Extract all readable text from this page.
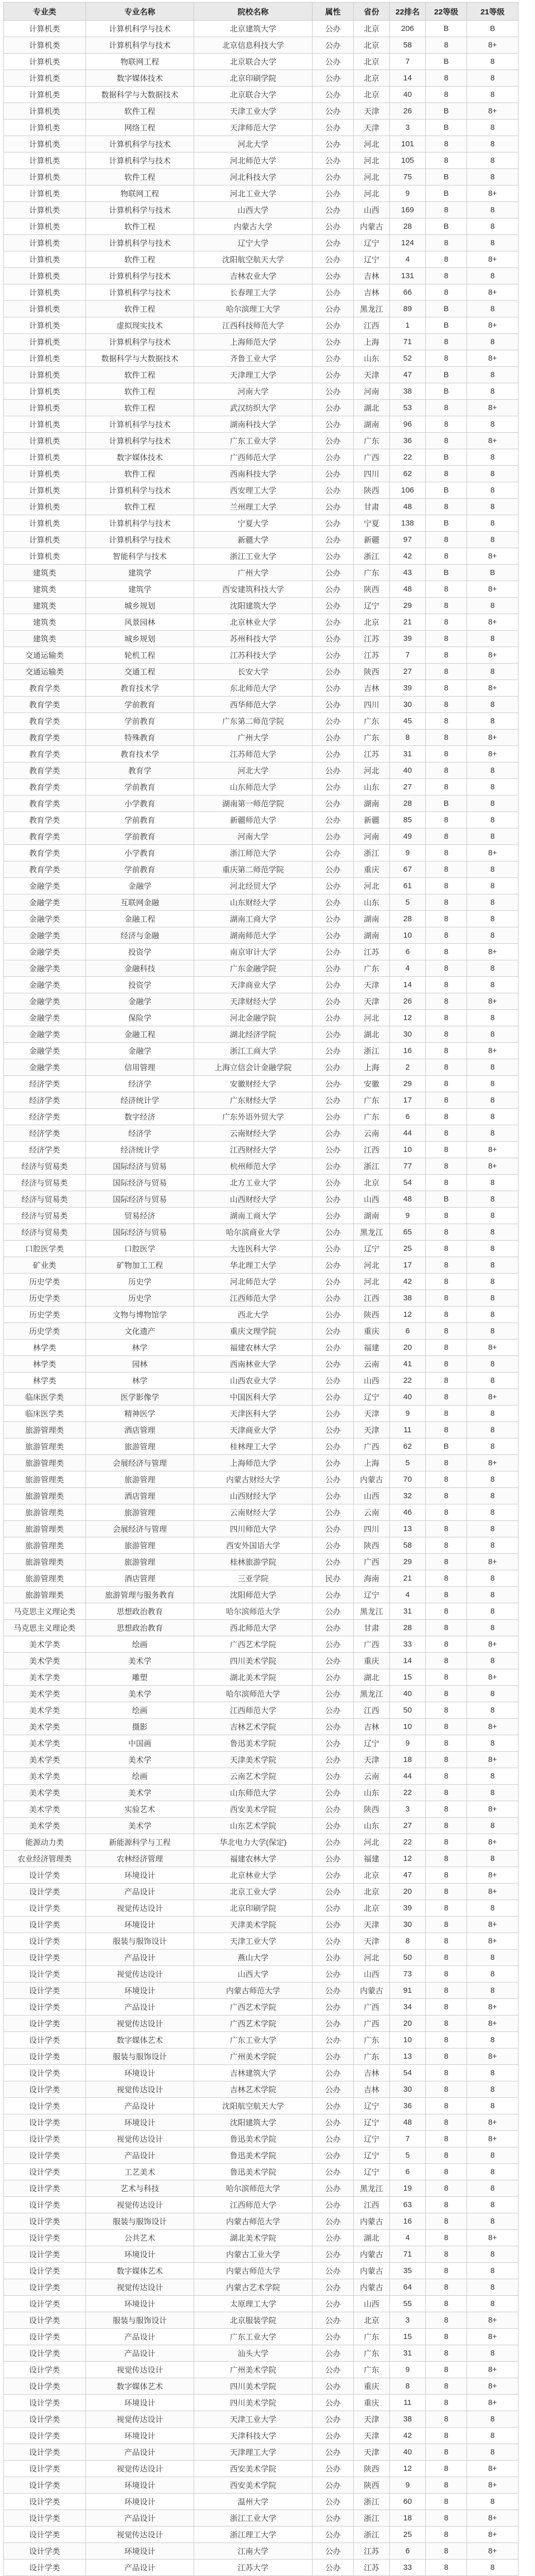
专业类	专业名称	院校名称	属性	省份	22排名	22等级	21等级
计算机类	计算机科学与技术	北京建筑大学	公办	北京	206	B	B
计算机类	计算机科学与技术	北京信息科技大学	公办	北京	58	8	8+
计算机类	物联网工程	北京联合大学	公办	北京	7	B	8
计算机类	数字媒体技术	北京印刷学院	公办	北京	14	8	8
计算机类	数据科学与大数据技术	北京联合大学	公办	北京	40	8	8
计算机类	软件工程	天津工业大学	公办	天津	26	B	8+
计算机类	网络工程	天津师范大学	公办	天津	3	B	8
计算机类	计算机科学与技术	河北大学	公办	河北	101	8	8
计算机类	计算机科学与技术	河北师范大学	公办	河北	105	8	8
计算机类	软件工程	河北科技大学	公办	河北	75	B	8
计算机类	物联网工程	河北工业大学	公办	河北	9	B	8+
计算机类	计算机科学与技术	山西大学	公办	山西	169	8	8
计算机类	软件工程	内蒙古大学	公办	内蒙古	28	B	8
计算机类	计算机科学与技术	辽宁大学	公办	辽宁	124	8	8
计算机类	软件工程	沈阳航空航天大学	公办	辽宁	4	8	8+
计算机类	计算机科学与技术	吉林农业大学	公办	吉林	131	8	8
计算机类	计算机科学与技术	长春理工大学	公办	吉林	66	8	8+
计算机类	软件工程	哈尔滨理工大学	公办	黑龙江	89	B	8
计算机类	虚拟现实技术	江西科技师范大学	公办	江西	1	B	8+
计算机类	计算机科学与技术	上海师范大学	公办	上海	71	8	8
计算机类	数据科学与大数据技术	齐鲁工业大学	公办	山东	52	8	8+
计算机类	软件工程	天津理工大学	公办	天津	47	B	8
计算机类	软件工程	河南大学	公办	河南	38	B	8
计算机类	软件工程	武汉纺织大学	公办	湖北	53	8	8+
计算机类	计算机科学与技术	湖南科技大学	公办	湖南	96	8	8
计算机类	计算机科学与技术	广东工业大学	公办	广东	36	8	8+
计算机类	数字媒体技术	广西师范大学	公办	广西	22	B	8
计算机类	软件工程	西南科技大学	公办	四川	62	8	8
计算机类	计算机科学与技术	西安理工大学	公办	陕西	106	B	8
计算机类	软件工程	兰州理工大学	公办	甘肃	48	8	8
计算机类	计算机科学与技术	宁夏大学	公办	宁夏	138	B	8
计算机类	计算机科学与技术	新疆大学	公办	新疆	97	8	8
计算机类	智能科学与技术	浙江工业大学	公办	浙江	42	8	8+
建筑类	建筑学	广州大学	公办	广东	43	B	B
建筑类	建筑学	西安建筑科技大学	公办	陕西	48	8	8+
建筑类	城乡规划	沈阳建筑大学	公办	辽宁	29	8	8
建筑类	风景园林	北京林业大学	公办	北京	21	8	8+
建筑类	城乡规划	苏州科技大学	公办	江苏	39	8	8
交通运输类	轮机工程	江苏科技大学	公办	江苏	7	8	8+
交通运输类	交通工程	长安大学	公办	陕西	27	8	8
教育学类	教育技术学	东北师范大学	公办	吉林	39	8	8+
教育学类	学前教育	西华师范大学	公办	四川	30	8	8
教育学类	学前教育	广东第二师范学院	公办	广东	45	8	8
教育学类	特殊教育	广州大学	公办	广东	8	8	8+
教育学类	教育技术学	江苏师范大学	公办	江苏	31	8	8+
教育学类	教育学	河北大学	公办	河北	40	8	8
教育学类	学前教育	山东师范大学	公办	山东	27	8	8
教育学类	小学教育	湖南第一师范学院	公办	湖南	28	B	8
教育学类	学前教育	新疆师范大学	公办	新疆	85	8	8
教育学类	学前教育	河南大学	公办	河南	49	8	8
教育学类	小学教育	浙江师范大学	公办	浙江	9	8	8+
教育学类	学前教育	重庆第二师范学院	公办	重庆	67	8	8
金融学类	金融学	河北经贸大学	公办	河北	61	8	8
金融学类	互联网金融	山东财经大学	公办	山东	5	8	8
金融学类	金融工程	湖南工商大学	公办	湖南	28	8	8
金融学类	经济与金融	湖南师范大学	公办	湖南	10	8	8
金融学类	投资学	南京审计大学	公办	江苏	6	8	8+
金融学类	金融科技	广东金融学院	公办	广东	4	8	8
金融学类	投资学	天津商业大学	公办	天津	14	8	8
金融学类	金融学	天津财经大学	公办	天津	26	8	8+
金融学类	保险学	河北金融学院	公办	河北	12	8	8
金融学类	金融工程	湖北经济学院	公办	湖北	30	8	8
金融学类	金融学	浙江工商大学	公办	浙江	16	8	8+
金融学类	信用管理	上海立信会计金融学院	公办	上海	2	8	8
经济学类	经济学	安徽财经大学	公办	安徽	29	8	8
经济学类	经济统计学	广东财经大学	公办	广东	17	8	8
经济学类	数字经济	广东外语外贸大学	公办	广东	6	8	8
经济学类	经济学	云南财经大学	公办	云南	44	8	8
经济学类	经济统计学	江西财经大学	公办	江西	10	8	8+
经济与贸易类	国际经济与贸易	杭州师范大学	公办	浙江	77	8	8+
经济与贸易类	国际经济与贸易	北方工业大学	公办	北京	54	8	8
经济与贸易类	国际经济与贸易	山西财经大学	公办	山西	48	B	8
经济与贸易类	贸易经济	湖南工商大学	公办	湖南	9	8	8
经济与贸易类	国际经济与贸易	哈尔滨商业大学	公办	黑龙江	65	8	8
口腔医学类	口腔医学	大连医科大学	公办	辽宁	25	8	8
矿业类	矿物加工工程	华北理工大学	公办	河北	17	8	8
历史学类	历史学	河北师范大学	公办	河北	42	8	8
历史学类	历史学	江西师范大学	公办	江西	38	8	8
历史学类	文物与博物馆学	西北大学	公办	陕西	12	8	8
历史学类	文化遗产	重庆文理学院	公办	重庆	6	8	8
林学类	林学	福建农林大学	公办	福建	20	8	8+
林学类	园林	西南林业大学	公办	云南	41	8	8
林学类	林学	山西农业大学	公办	山西	22	8	8
临床医学类	医学影像学	中国医科大学	公办	辽宁	40	8	8+
临床医学类	精神医学	天津医科大学	公办	天津	9	8	8
旅游管理类	酒店管理	天津商业大学	公办	天津	11	8	8
旅游管理类	旅游管理	桂林理工大学	公办	广西	62	B	8
旅游管理类	会展经济与管理	上海师范大学	公办	上海	5	8	8+
旅游管理类	旅游管理	内蒙古财经大学	公办	内蒙古	70	8	8
旅游管理类	酒店管理	山西财经大学	公办	山西	32	8	8
旅游管理类	旅游管理	云南财经大学	公办	云南	46	8	8
旅游管理类	会展经济与管理	四川师范大学	公办	四川	13	8	8
旅游管理类	旅游管理	西安外国语大学	公办	陕西	58	8	8
旅游管理类	旅游管理	桂林旅游学院	公办	广西	29	8	8+
旅游管理类	酒店管理	三亚学院	民办	海南	21	8	8
旅游管理类	旅游管理与服务教育	沈阳师范大学	公办	辽宁	4	8	8
马克思主义理论类	思想政治教育	哈尔滨师范大学	公办	黑龙江	31	8	8
马克思主义理论类	思想政治教育	西北师范大学	公办	甘肃	28	8	8
美术学类	绘画	广西艺术学院	公办	广西	33	8	8+
美术学类	美术学	四川美术学院	公办	重庆	14	8	8
美术学类	雕塑	湖北美术学院	公办	湖北	15	8	8+
美术学类	美术学	哈尔滨师范大学	公办	黑龙江	40	8	8
美术学类	绘画	江西师范大学	公办	江西	50	8	8
美术学类	摄影	吉林艺术学院	公办	吉林	10	8	8+
美术学类	中国画	鲁迅美术学院	公办	辽宁	9	8	8
美术学类	美术学	天津美术学院	公办	天津	18	8	8+
美术学类	绘画	云南艺术学院	公办	云南	44	8	8
美术学类	美术学	山东师范大学	公办	山东	22	8	8
美术学类	实验艺术	西安美术学院	公办	陕西	3	8	8+
美术学类	美术学	山东艺术学院	公办	山东	27	8	8
能源动力类	新能源科学与工程	华北电力大学(保定)	公办	河北	22	8	8+
农业经济管理类	农林经济管理	福建农林大学	公办	福建	12	8	8
设计学类	环境设计	北京林业大学	公办	北京	47	8	8+
设计学类	产品设计	北京工业大学	公办	北京	20	8	8+
设计学类	视觉传达设计	北京印刷学院	公办	北京	39	8	8
设计学类	环境设计	天津美术学院	公办	天津	30	8	8+
设计学类	服装与服饰设计	天津工业大学	公办	天津	8	8	8+
设计学类	产品设计	燕山大学	公办	河北	50	8	8
设计学类	视觉传达设计	山西大学	公办	山西	73	8	8
设计学类	环境设计	内蒙古师范大学	公办	内蒙古	91	8	8
设计学类	产品设计	广西艺术学院	公办	广西	34	8	8+
设计学类	视觉传达设计	广西艺术学院	公办	广西	20	8	8+
设计学类	数字媒体艺术	广东工业大学	公办	广东	10	8	8
设计学类	服装与服饰设计	广州美术学院	公办	广东	13	8	8+
设计学类	环境设计	吉林建筑大学	公办	吉林	54	8	8
设计学类	视觉传达设计	吉林艺术学院	公办	吉林	30	8	8
设计学类	产品设计	沈阳航空航天大学	公办	辽宁	36	8	8
设计学类	环境设计	沈阳建筑大学	公办	辽宁	48	8	8+
设计学类	视觉传达设计	鲁迅美术学院	公办	辽宁	7	8	8+
设计学类	产品设计	鲁迅美术学院	公办	辽宁	5	8	8
设计学类	工艺美术	鲁迅美术学院	公办	辽宁	6	8	8
设计学类	艺术与科技	哈尔滨师范大学	公办	黑龙江	19	8	8
设计学类	视觉传达设计	江西师范大学	公办	江西	63	8	8
设计学类	服装与服饰设计	内蒙古师范大学	公办	内蒙古	16	8	8
设计学类	公共艺术	湖北美术学院	公办	湖北	4	8	8+
设计学类	环境设计	内蒙古工业大学	公办	内蒙古	71	8	8
设计学类	数字媒体艺术	内蒙古师范大学	公办	内蒙古	35	8	8
设计学类	视觉传达设计	内蒙古艺术学院	公办	内蒙古	64	8	8
设计学类	环境设计	太原理工大学	公办	山西	55	8	8
设计学类	服装与服饰设计	北京服装学院	公办	北京	3	8	8+
设计学类	产品设计	广东工业大学	公办	广东	15	8	8+
设计学类	产品设计	汕头大学	公办	广东	31	8	8
设计学类	视觉传达设计	广州美术学院	公办	广东	9	8	8+
设计学类	数字媒体艺术	四川美术学院	公办	重庆	8	8	8+
设计学类	环境设计	四川美术学院	公办	重庆	11	8	8+
设计学类	视觉传达设计	天津工业大学	公办	天津	38	8	8
设计学类	环境设计	天津科技大学	公办	天津	42	8	8
设计学类	产品设计	天津理工大学	公办	天津	40	8	8
设计学类	视觉传达设计	西安美术学院	公办	陕西	12	8	8+
设计学类	环境设计	西安美术学院	公办	陕西	9	8	8+
设计学类	环境设计	温州大学	公办	浙江	60	8	8
设计学类	产品设计	浙江工业大学	公办	浙江	18	8	8+
设计学类	视觉传达设计	浙江理工大学	公办	浙江	25	8	8+
设计学类	环境设计	江南大学	公办	江苏	6	8	8+
设计学类	产品设计	江苏大学	公办	江苏	33	8	8
